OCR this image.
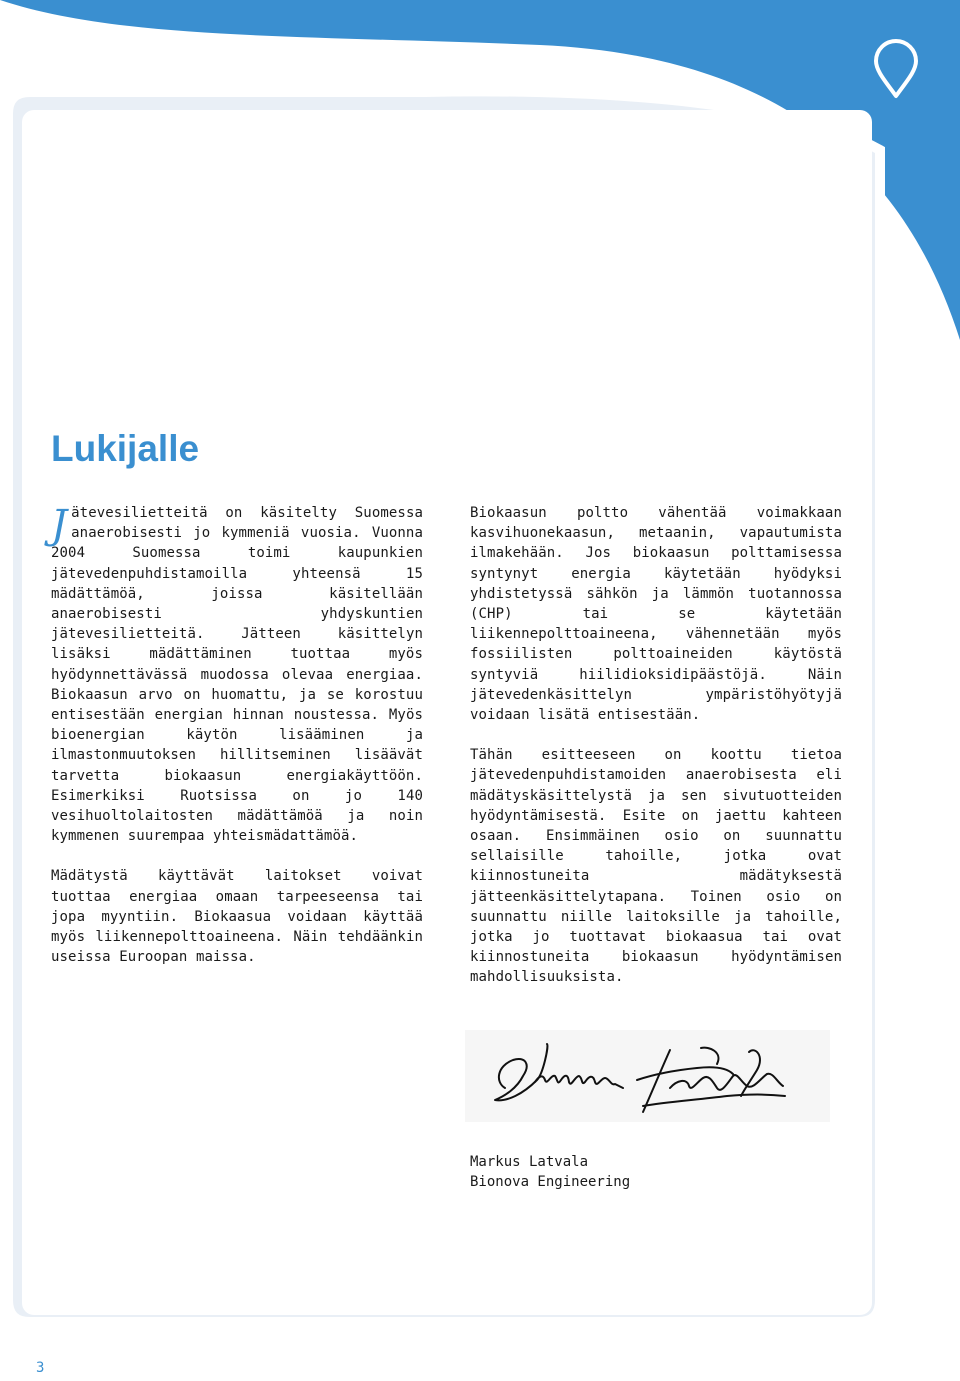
Lukijalle

Jätevesilietteitä on käsitelty Suomessa anaerobisesti jo kymmeniä vuosia. Vuonna 2004 Suomessa toimi kaupunkien jätevedenpuhdistamoilla yhteensä 15 mädättämöä, joissa käsitellään anaerobisesti yhdyskuntien jätevesilietteitä. Jätteen käsittelyn lisäksi mädättäminen tuottaa myös hyödynnettävässä muodossa olevaa energiaa. Biokaasun arvo on huomattu, ja se korostuu entisestään energian hinnan noustessa. Myös bioenergian käytön lisääminen ja ilmastonmuutoksen hillitseminen lisäävät tarvetta biokaasun energiakäyttöön. Esimerkiksi Ruotsissa on jo 140 vesihuoltolaitosten mädättämöä ja noin kymmenen suurempaa yhteismädattämöä.

Mädätystä käyttävät laitokset voivat tuottaa energiaa omaan tarpeeseensa tai jopa myyntiin. Biokaasua voidaan käyttää myös liikennepolttoaineena. Näin tehdäänkin useissa Euroopan maissa.

Biokaasun poltto vähentää voimakkaan kasvihuonekaasun, metaanin, vapautumista ilmakehään. Jos biokaasun polttamisessa syntynyt energia käytetään hyödyksi yhdistetyssä sähkön ja lämmön tuotannossa (CHP) tai se käytetään liikennepolttoaineena, vähennetään myös fossiilisten polttoaineiden käytöstä syntyviä hiilidioksidipäästöjä. Näin jätevedenkäsittelyn ympäristöhyötyjä voidaan lisätä entisestään.

Tähän esitteeseen on koottu tietoa jätevedenpuhdistamoiden anaerobisesta eli mädätyskäsittelystä ja sen sivutuotteiden hyödyntämisestä. Esite on jaettu kahteen osaan. Ensimmäinen osio on suunnattu sellaisille tahoille, jotka ovat kiinnostuneita mädätyksestä jätteenkäsittelytapana. Toinen osio on suunnattu niille laitoksille ja tahoille, jotka jo tuottavat biokaasua tai ovat kiinnostuneita biokaasun hyödyntämisen mahdollisuuksista.

Markus Latvala
Bionova Engineering
3
